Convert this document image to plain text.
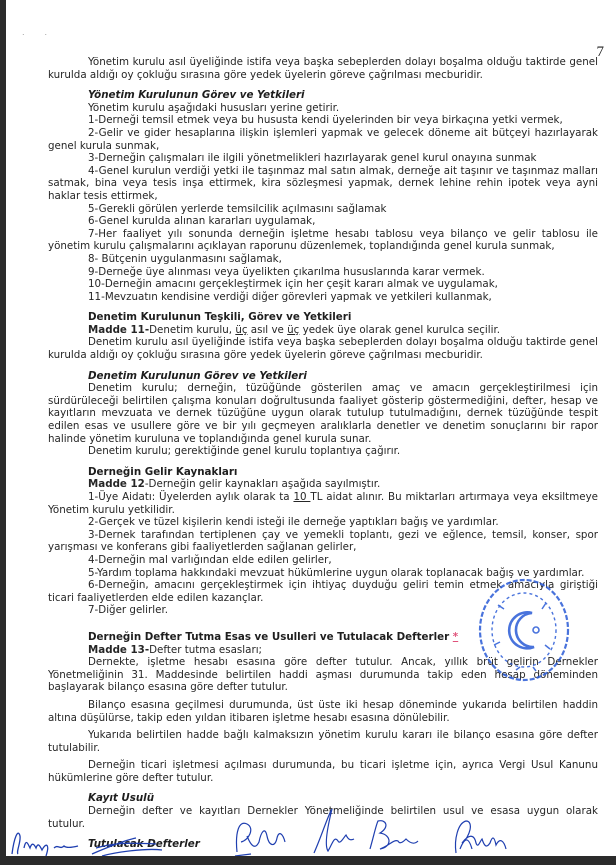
..
7

Yönetim kurulu asıl üyeliğinde istifa veya başka sebeplerden dolayı boşalma olduğu taktirde genel kurulda aldığı oy çokluğu sırasına göre yedek üyelerin göreve çağrılması mecburidir.

Yönetim Kurulunun Görev ve Yetkileri

Yönetim kurulu aşağıdaki hususları yerine getirir.

1-Derneği temsil etmek veya bu hususta kendi üyelerinden bir veya birkaçına yetki vermek,

2-Gelir ve gider hesaplarına ilişkin işlemleri yapmak ve gelecek döneme ait bütçeyi hazırlayarak genel kurula sunmak,

3-Derneğin çalışmaları ile ilgili yönetmelikleri hazırlayarak genel kurul onayına sunmak

4-Genel kurulun verdiği yetki ile taşınmaz mal satın almak, derneğe ait taşınır ve taşınmaz malları satmak, bina veya tesis inşa ettirmek, kira sözleşmesi yapmak, dernek lehine rehin ipotek veya ayni haklar tesis ettirmek,

5-Gerekli görülen yerlerde temsilcilik açılmasını sağlamak

6-Genel kurulda alınan kararları uygulamak,

7-Her faaliyet yılı sonunda derneğin işletme hesabı tablosu veya bilanço ve gelir tablosu ile yönetim kurulu çalışmalarını açıklayan raporunu düzenlemek, toplandığında genel kurula sunmak,

8- Bütçenin uygulanmasını sağlamak,

9-Derneğe üye alınması veya üyelikten çıkarılma hususlarında karar vermek.

10-Derneğin amacını gerçekleştirmek için her çeşit kararı almak ve uygulamak,

11-Mevzuatın kendisine verdiği diğer görevleri yapmak ve yetkileri kullanmak,

Denetim Kurulunun Teşkili, Görev ve Yetkileri

Madde 11-Denetim kurulu, üç asıl ve üç yedek üye olarak genel kurulca seçilir.

Denetim kurulu asıl üyeliğinde istifa veya başka sebeplerden dolayı boşalma olduğu taktirde genel kurulda aldığı oy çokluğu sırasına göre yedek üyelerin göreve çağrılması mecburidir.

Denetim Kurulunun Görev ve Yetkileri

Denetim kurulu; derneğin, tüzüğünde gösterilen amaç ve amacın gerçekleştirilmesi için sürdürüleceği belirtilen çalışma konuları doğrultusunda faaliyet gösterip göstermediğini, defter, hesap ve kayıtların mevzuata ve dernek tüzüğüne uygun olarak tutulup tutulmadığını, dernek tüzüğünde tespit edilen esas ve usullere göre ve bir yılı geçmeyen aralıklarla denetler ve denetim sonuçlarını bir rapor halinde yönetim kuruluna ve toplandığında genel kurula sunar.

Denetim kurulu; gerektiğinde genel kurulu toplantıya çağırır.

Derneğin Gelir Kaynakları

Madde 12-Derneğin gelir kaynakları aşağıda sayılmıştır.

1-Üye Aidatı: Üyelerden aylık olarak ta 10 TL aidat alınır. Bu miktarları artırmaya veya eksiltmeye Yönetim kurulu yetkilidir.

2-Gerçek ve tüzel kişilerin kendi isteği ile derneğe yaptıkları bağış ve yardımlar.

3-Dernek tarafından tertiplenen çay ve yemekli toplantı, gezi ve eğlence, temsil, konser, spor yarışması ve konferans gibi faaliyetlerden sağlanan gelirler,

4-Derneğin mal varlığından elde edilen gelirler,

5-Yardım toplama hakkındaki mevzuat hükümlerine uygun olarak toplanacak bağış ve yardımlar.

6-Derneğin, amacını gerçekleştirmek için ihtiyaç duyduğu geliri temin etmek amacıyla giriştiği ticari faaliyetlerden elde edilen kazançlar.

7-Diğer gelirler.

Derneğin Defter Tutma Esas ve Usulleri ve Tutulacak Defterler *

Madde 13-Defter tutma esasları;

Dernekte, işletme hesabı esasına göre defter tutulur. Ancak, yıllık brüt gelirin Dernekler Yönetmeliğinin 31. Maddesinde belirtilen haddi aşması durumunda takip eden hesap döneminden başlayarak bilanço esasına göre defter tutulur.

Bilanço esasına geçilmesi durumunda, üst üste iki hesap döneminde yukarıda belirtilen haddin altına düşülürse, takip eden yıldan itibaren işletme hesabı esasına dönülebilir.

Yukarıda belirtilen hadde bağlı kalmaksızın yönetim kurulu kararı ile bilanço esasına göre defter tutulabilir.

Derneğin ticari işletmesi açılması durumunda, bu ticari işletme için, ayrıca Vergi Usul Kanunu hükümlerine göre defter tutulur.

Kayıt Usulü

Derneğin defter ve kayıtları Dernekler Yönetmeliğinde belirtilen usul ve esasa uygun olarak tutulur.

Tutulacak Defterler
